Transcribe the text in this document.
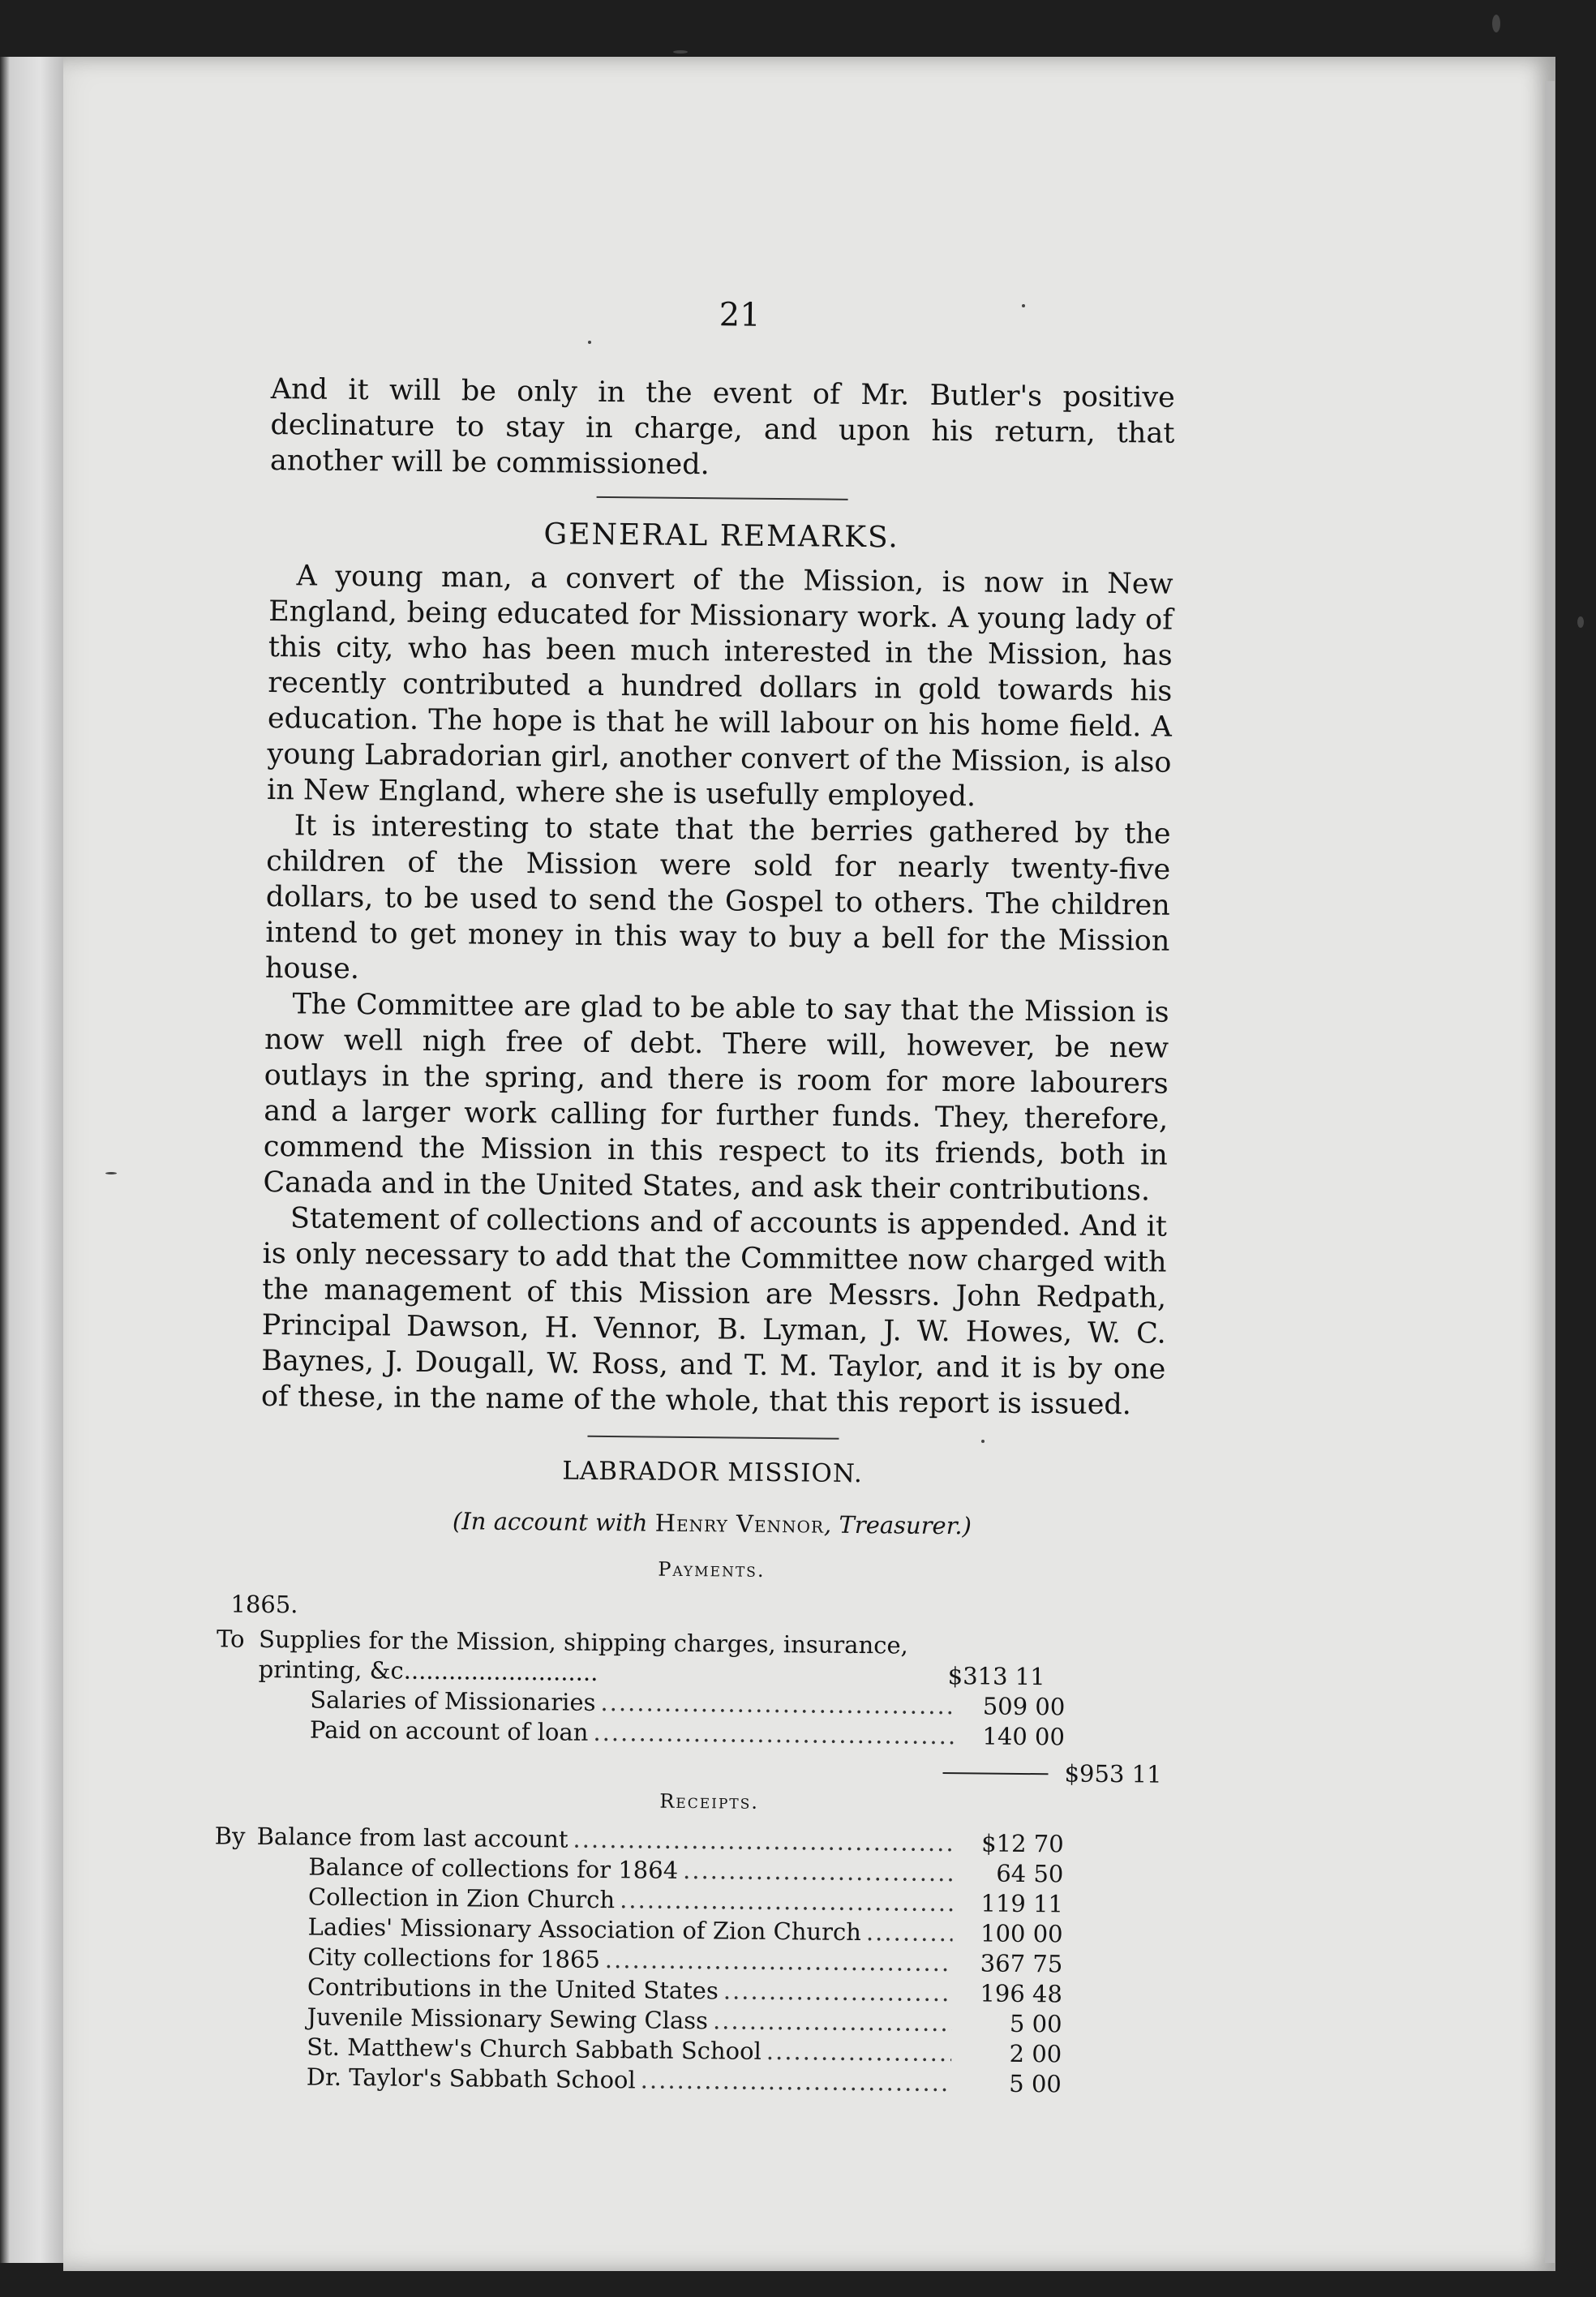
21

And it will be only in the event of Mr. Butler's positive declinature to stay in charge, and upon his return, that another will be commissioned.

GENERAL REMARKS.

A young man, a convert of the Mission, is now in New England, being educated for Missionary work. A young lady of this city, who has been much interested in the Mission, has recently contributed a hundred dollars in gold towards his education. The hope is that he will labour on his home field. A young Labradorian girl, another convert of the Mission, is also in New England, where she is usefully employed.

It is interesting to state that the berries gathered by the children of the Mission were sold for nearly twenty-five dollars, to be used to send the Gospel to others. The children intend to get money in this way to buy a bell for the Mission house.

The Committee are glad to be able to say that the Mission is now well nigh free of debt. There will, however, be new outlays in the spring, and there is room for more labourers and a larger work calling for further funds. They, therefore, commend the Mission in this respect to its friends, both in Canada and in the United States, and ask their contributions.

Statement of collections and of accounts is appended. And it is only necessary to add that the Committee now charged with the management of this Mission are Messrs. John Redpath, Principal Dawson, H. Vennor, B. Lyman, J. W. Howes, W. C. Baynes, J. Dougall, W. Ross, and T. M. Taylor, and it is by one of these, in the name of the whole, that this report is issued.

LABRADOR MISSION.
(In account with Henry Vennor, Treasurer.)
Payments.
1865.
To Supplies for the Mission, shipping charges, insurance, printing, &c..........................	$313 11
Salaries of Missionaries .....	509 00
Paid on account of loan .....	140 00
$953 11
Receipts.
By Balance from last account .....	$12 70
Balance of collections for 1864 .....	64 50
Collection in Zion Church .....	119 11
Ladies' Missionary Association of Zion Church .....	100 00
City collections for 1865 .....	367 75
Contributions in the United States .....	196 48
Juvenile Missionary Sewing Class .....	5 00
St. Matthew's Church Sabbath School .....	2 00
Dr. Taylor's Sabbath School .....	5 00
